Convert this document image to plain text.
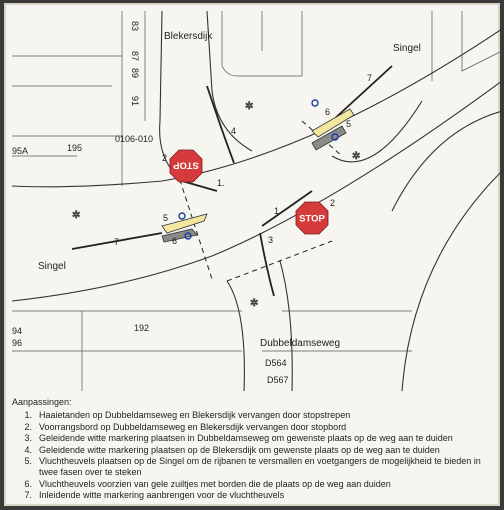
STOP
STOP
✲
✲
✲
✲
Blekersdijk
Singel
Singel
Dubbeldamseweg
83
87
89
91
95A	195
0106-010
192
94
96
D564
D567
2
1.
4
5
6
7
1
2
3
5
6
7
Aanpassingen:
1. Haaietanden op Dubbeldamseweg en Blekersdijk vervangen door stopstrepen
2. Voorrangsbord op Dubbeldamseweg en Blekersdijk vervangen door stopbord
3. Geleidende witte markering plaatsen in Dubbeldamseweg om gewenste plaats op de weg aan te duiden
4. Geleidende witte markering plaatsen op de Blekersdijk om gewenste plaats op de weg aan te duiden
5. Vluchtheuvels plaatsen op de Singel om de rijbanen te versmallen en voetgangers de mogelijkheid te bieden in twee fasen over te steken
6. Vluchtheuvels voorzien van gele zuiltjes met borden die de plaats op de weg aan duiden
7. Inleidende witte markering aanbrengen voor de vluchtheuvels
